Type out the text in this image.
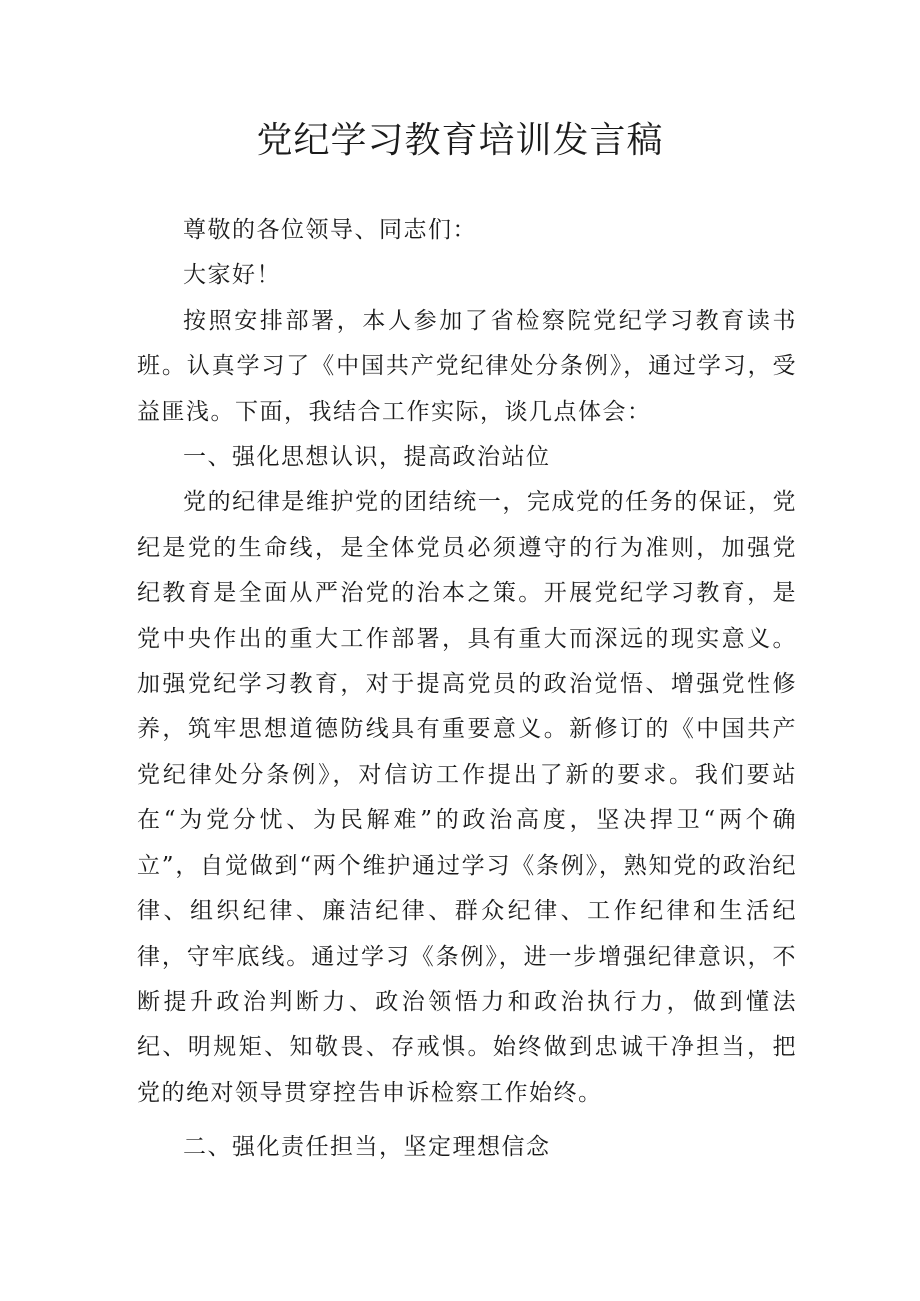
党纪学习教育培训发言稿

尊敬的各位领导、同志们：

大家好！

按照安排部署，本人参加了省检察院党纪学习教育读书班。认真学习了《中国共产党纪律处分条例》，通过学习，受益匪浅。下面，我结合工作实际，谈几点体会：

一、强化思想认识，提高政治站位

党的纪律是维护党的团结统一，完成党的任务的保证，党纪是党的生命线，是全体党员必须遵守的行为准则，加强党纪教育是全面从严治党的治本之策。开展党纪学习教育，是党中央作出的重大工作部署，具有重大而深远的现实意义。加强党纪学习教育，对于提高党员的政治觉悟、增强党性修养，筑牢思想道德防线具有重要意义。新修订的《中国共产党纪律处分条例》，对信访工作提出了新的要求。我们要站在“为党分忧、为民解难”的政治高度，坚决捍卫“两个确立”，自觉做到“两个维护通过学习《条例》，熟知党的政治纪律、组织纪律、廉洁纪律、群众纪律、工作纪律和生活纪律，守牢底线。通过学习《条例》，进一步增强纪律意识，不断提升政治判断力、政治领悟力和政治执行力，做到懂法纪、明规矩、知敬畏、存戒惧。始终做到忠诚干净担当，把党的绝对领导贯穿控告申诉检察工作始终。

二、强化责任担当，坚定理想信念
